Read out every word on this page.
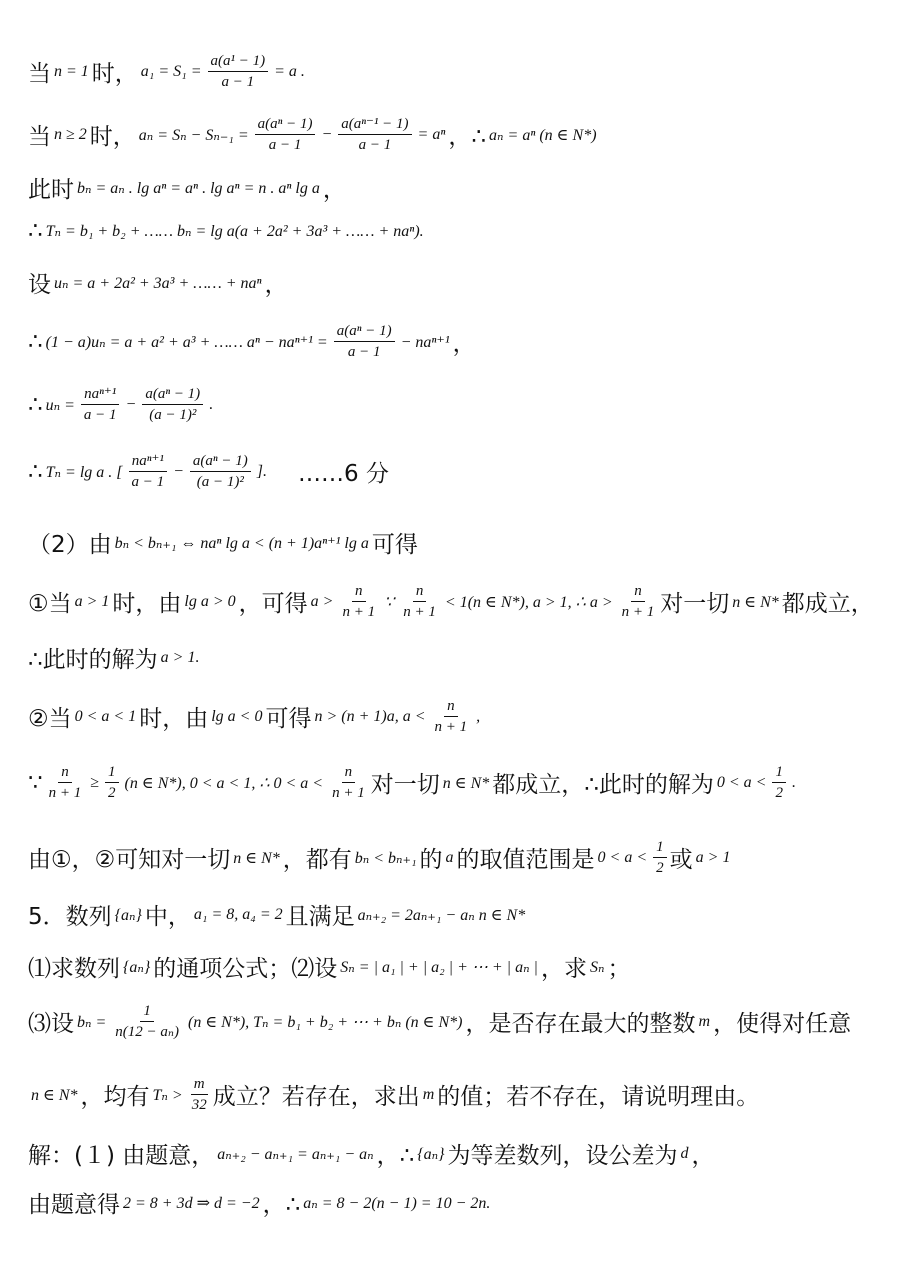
当 n = 1 时， $a_1 = S_1 = \frac{\text{a(a¹ − 1)}}{a - 1} = a$ .
当 n ≥ 2 时， $a_n = S_n - S_{n-1} = \frac{\text{a(aⁿ − 1)}}{a - 1} - \frac{\text{a(aⁿ⁻¹ − 1)}}{a - 1} = a^n$ ，∴ aₙ = aⁿ (n ∈ N*)
此时 bₙ = aₙ . lg aⁿ = aⁿ . lg aⁿ = n . aⁿ lg a ，
∴ Tₙ = b₁ + b₂ + …… bₙ = lg a(a + 2a² + 3a³ + …… + naⁿ).
设 uₙ = a + 2a² + 3a³ + …… + naⁿ ，
∴ (1 − a)uₙ = a + a² + a³ + …… $a^n - na^{n+1} = \frac{\text{a(aⁿ − 1)}}{a - 1} - na^{n+1}$ ，
∴ $u_n = \frac{\text{naⁿ⁺¹}}{a - 1} - \frac{\text{a(aⁿ − 1)}}{\text{(a − 1)²}}$ .
∴ Tₙ = lg a . [ $\frac{\text{naⁿ⁺¹}}{a - 1} - \frac{\text{a(aⁿ − 1)}}{\text{(a − 1)²}}$ ]. ……6 分
（2）由 bₙ < bₙ₊₁ ⇔ naⁿ lg a < (n + 1)aⁿ⁺¹ lg a 可得
①当 a > 1 时，由 lg a > 0 ，可得 $a > \frac{n}{n + 1}$ ∵ $\frac{n}{n + 1} < 1(n$ ∈ N*), a > 1, ∴ $a > \frac{n}{n + 1}$ 对一切 n ∈ N* 都成立，
∴此时的解为 a > 1.
②当 0 < a < 1 时，由 lg a < 0 可得 n > (n + 1)a, $a < \frac{n}{n + 1}$ ,
∵ $\frac{n}{n + 1} \ge \frac{1}{2} (n$ ∈ N*), 0 < a < 1, ∴ $0 < a < \frac{n}{n + 1}$ 对一切 n ∈ N* 都成立，∴此时的解为 $0 < a < \frac{1}{2}$ .
由①，②可知对一切 n ∈ N* ，都有 bₙ < bₙ₊₁ 的 a 的取值范围是 $0 < a < \frac{1}{2}$ 或 a > 1
5．数列 {aₙ} 中， a₁ = 8, a₄ = 2 且满足 aₙ₊₂ = 2aₙ₊₁ − aₙ n ∈ N*
⑴求数列 {aₙ} 的通项公式；⑵设 Sₙ = | a₁ | + | a₂ | + ⋯ + | aₙ | ，求 Sₙ ；
⑶设 $b_n = \frac{1}{\text{n(12 − aₙ)}} (n$ ∈ N*), Tₙ = b₁ + b₂ + ⋯ + bₙ (n ∈ N*) ，是否存在最大的整数 m ，使得对任意
n ∈ N* ，均有 $T_n > \frac{m}{32}$ 成立？若存在，求出 m 的值；若不存在，请说明理由。
解：(１) 由题意， aₙ₊₂ − aₙ₊₁ = aₙ₊₁ − aₙ ，∴ {aₙ} 为等差数列，设公差为 d ，
由题意得 2 = 8 + 3d ⇒ d = −2 ，∴ aₙ = 8 − 2(n − 1) = 10 − 2n.
